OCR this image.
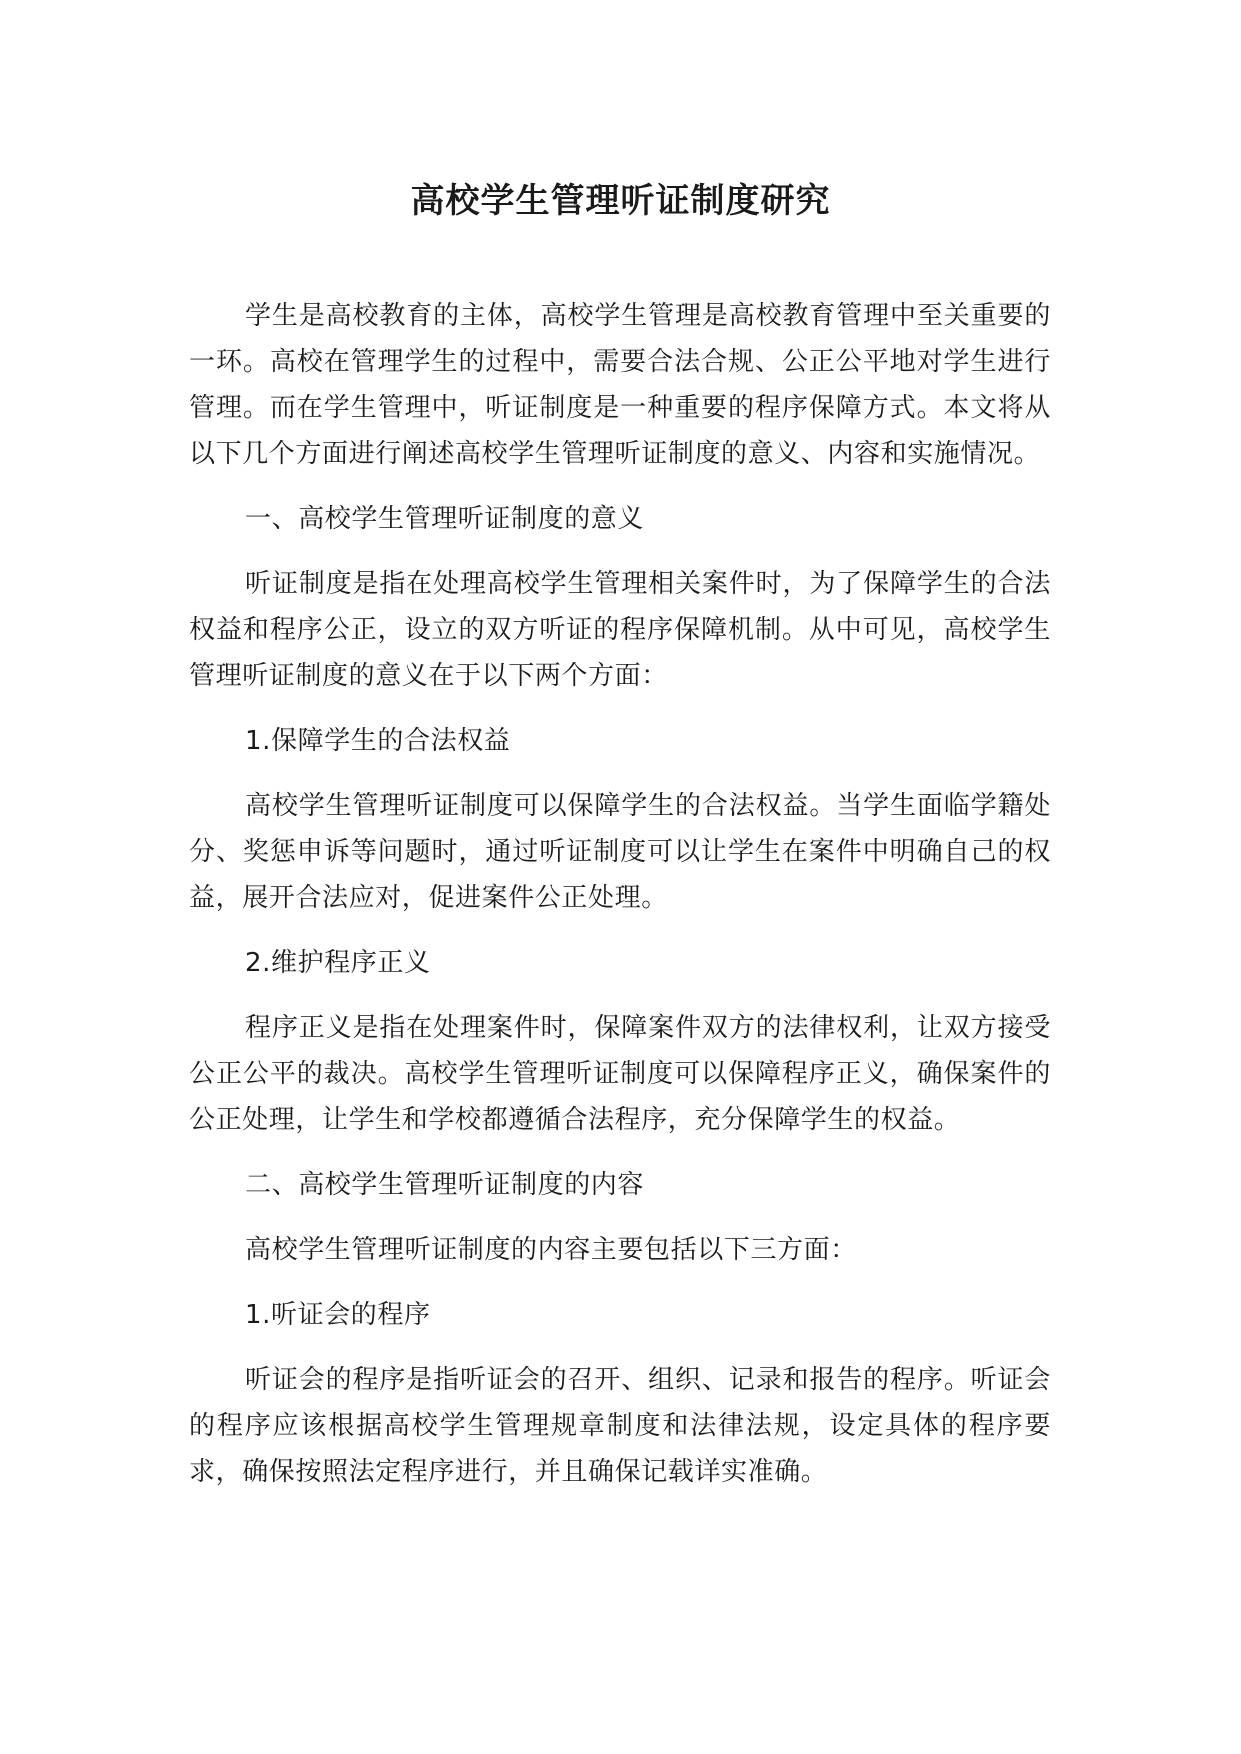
高校学生管理听证制度研究

学生是高校教育的主体，高校学生管理是高校教育管理中至关重要的一环。高校在管理学生的过程中，需要合法合规、公正公平地对学生进行管理。而在学生管理中，听证制度是一种重要的程序保障方式。本文将从以下几个方面进行阐述高校学生管理听证制度的意义、内容和实施情况。

一、高校学生管理听证制度的意义

听证制度是指在处理高校学生管理相关案件时，为了保障学生的合法权益和程序公正，设立的双方听证的程序保障机制。从中可见，高校学生管理听证制度的意义在于以下两个方面：

1.保障学生的合法权益

高校学生管理听证制度可以保障学生的合法权益。当学生面临学籍处分、奖惩申诉等问题时，通过听证制度可以让学生在案件中明确自己的权益，展开合法应对，促进案件公正处理。

2.维护程序正义

程序正义是指在处理案件时，保障案件双方的法律权利，让双方接受公正公平的裁决。高校学生管理听证制度可以保障程序正义，确保案件的公正处理，让学生和学校都遵循合法程序，充分保障学生的权益。

二、高校学生管理听证制度的内容

高校学生管理听证制度的内容主要包括以下三方面：

1.听证会的程序

听证会的程序是指听证会的召开、组织、记录和报告的程序。听证会的程序应该根据高校学生管理规章制度和法律法规，设定具体的程序要求，确保按照法定程序进行，并且确保记载详实准确。
